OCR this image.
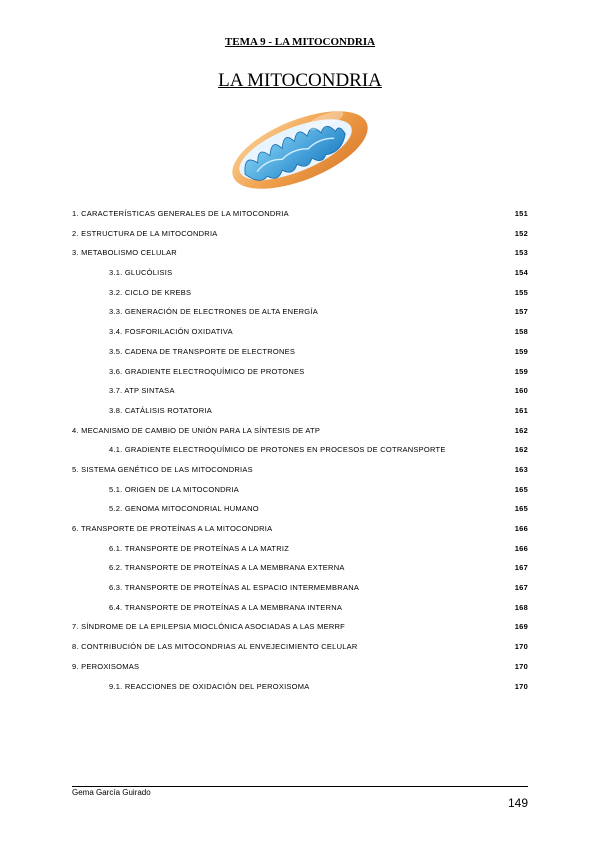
TEMA 9 - LA MITOCONDRIA
LA MITOCONDRIA
1. CARACTERÍSTICAS GENERALES DE LA MITOCONDRIA	151
2. ESTRUCTURA DE LA MITOCONDRIA	152
3. METABOLISMO CELULAR	153
3.1. GLUCÓLISIS	154
3.2. CICLO DE KREBS	155
3.3. GENERACIÓN DE ELECTRONES DE ALTA ENERGÍA	157
3.4. FOSFORILACIÓN OXIDATIVA	158
3.5. CADENA DE TRANSPORTE DE ELECTRONES	159
3.6. GRADIENTE ELECTROQUÍMICO DE PROTONES	159
3.7. ATP SINTASA	160
3.8. CATÁLISIS ROTATORIA	161
4. MECANISMO DE CAMBIO DE UNIÓN PARA LA SÍNTESIS DE ATP	162
4.1. GRADIENTE ELECTROQUÍMICO DE PROTONES EN PROCESOS DE COTRANSPORTE	162
5. SISTEMA GENÉTICO DE LAS MITOCONDRIAS	163
5.1. ORIGEN DE LA MITOCONDRIA	165
5.2. GENOMA MITOCONDRIAL HUMANO	165
6. TRANSPORTE DE PROTEÍNAS A LA MITOCONDRIA	166
6.1. TRANSPORTE DE PROTEÍNAS A LA MATRIZ	166
6.2. TRANSPORTE DE PROTEÍNAS A LA MEMBRANA EXTERNA	167
6.3. TRANSPORTE DE PROTEÍNAS AL ESPACIO INTERMEMBRANA	167
6.4. TRANSPORTE DE PROTEÍNAS A LA MEMBRANA INTERNA	168
7. SÍNDROME DE LA EPILEPSIA MIOCLÓNICA ASOCIADAS A LAS MERRF	169
8. CONTRIBUCIÓN DE LAS MITOCONDRIAS AL ENVEJECIMIENTO CELULAR	170
9. PEROXISOMAS	170
9.1. REACCIONES DE OXIDACIÓN DEL PEROXISOMA	170
Gema García Guirado
149
